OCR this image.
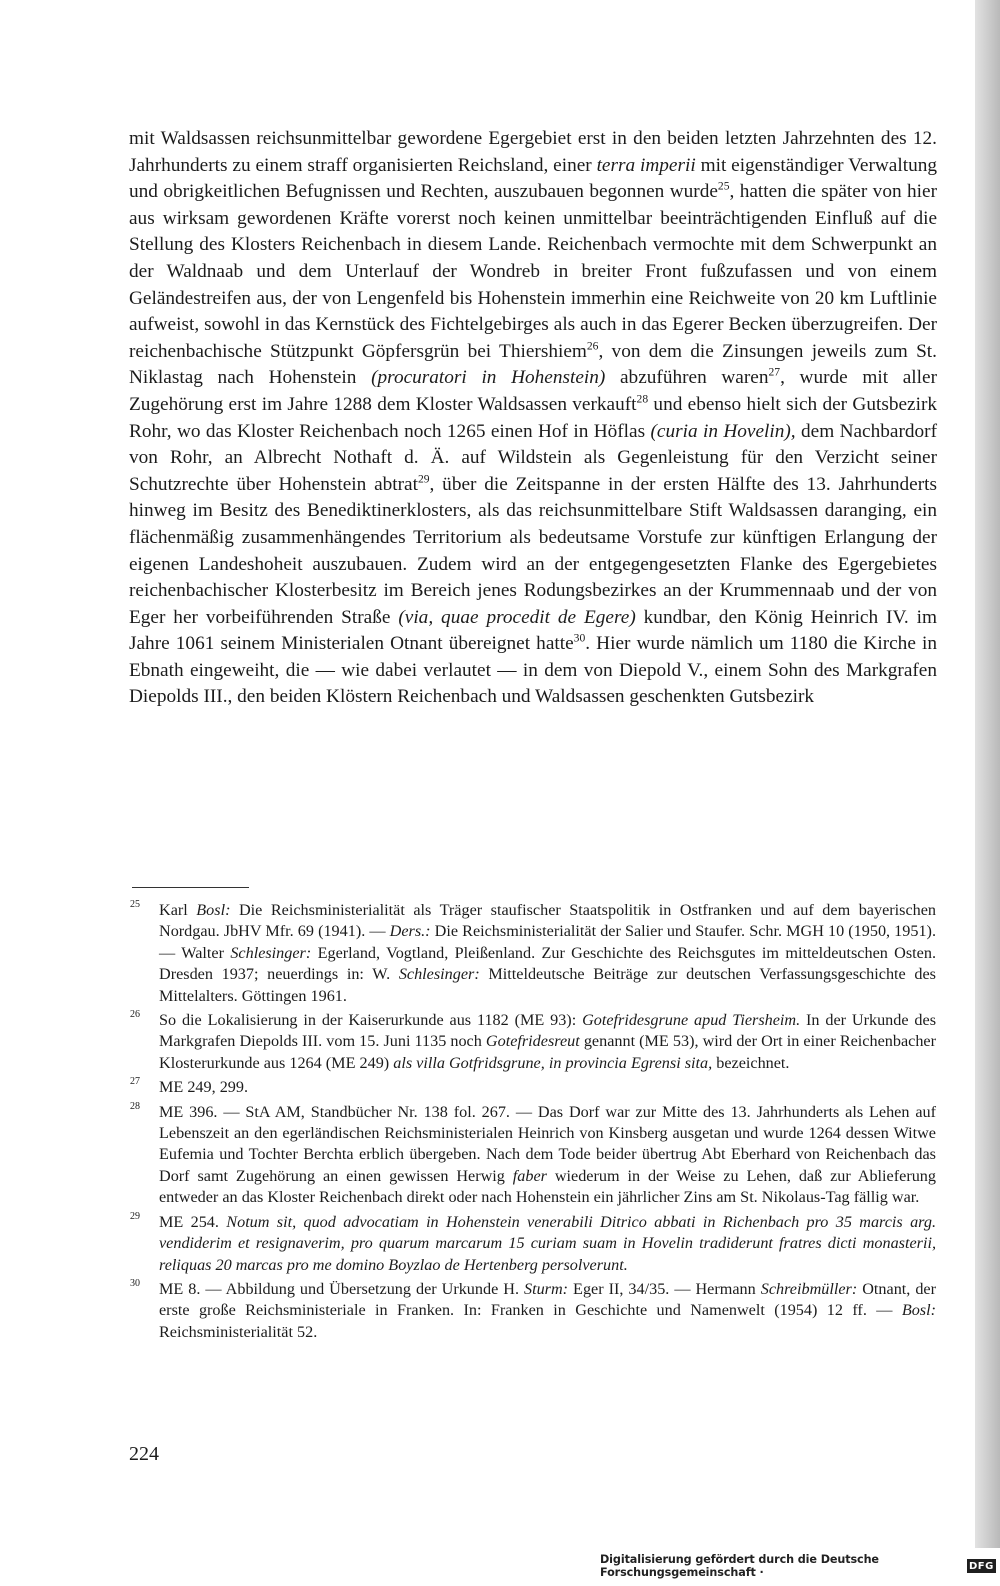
mit Waldsassen reichsunmittelbar gewordene Egergebiet erst in den beiden letzten Jahrzehnten des 12. Jahrhunderts zu einem straff organisierten Reichsland, einer terra imperii mit eigenständiger Verwaltung und obrigkeitlichen Befugnissen und Rechten, auszubauen begonnen wurde$^{25}$, hatten die später von hier aus wirksam gewordenen Kräfte vorerst noch keinen unmittelbar beeinträchtigenden Einfluß auf die Stellung des Klosters Reichenbach in diesem Lande. Reichenbach vermochte mit dem Schwerpunkt an der Waldnaab und dem Unterlauf der Wondreb in breiter Front fußzufassen und von einem Geländestreifen aus, der von Lengenfeld bis Hohenstein immerhin eine Reichweite von 20 km Luftlinie aufweist, sowohl in das Kernstück des Fichtelgebirges als auch in das Egerer Becken überzugreifen. Der reichenbachische Stützpunkt Göpfersgrün bei Thiershiem$^{26}$, von dem die Zinsungen jeweils zum St. Niklastag nach Hohenstein (procuratori in Hohenstein) abzuführen waren$^{27}$, wurde mit aller Zugehörung erst im Jahre 1288 dem Kloster Waldsassen verkauft$^{28}$ und ebenso hielt sich der Gutsbezirk Rohr, wo das Kloster Reichenbach noch 1265 einen Hof in Höflas (curia in Hovelin), dem Nachbardorf von Rohr, an Albrecht Nothaft d. Ä. auf Wildstein als Gegenleistung für den Verzicht seiner Schutzrechte über Hohenstein abtrat$^{29}$, über die Zeitspanne in der ersten Hälfte des 13. Jahrhunderts hinweg im Besitz des Benediktinerklosters, als das reichsunmittelbare Stift Waldsassen daranging, ein flächenmäßig zusammenhängendes Territorium als bedeutsame Vorstufe zur künftigen Erlangung der eigenen Landeshoheit auszubauen. Zudem wird an der entgegengesetzten Flanke des Egergebietes reichenbachischer Klosterbesitz im Bereich jenes Rodungsbezirkes an der Krummennaab und der von Eger her vorbeiführenden Straße (via, quae procedit de Egere) kundbar, den König Heinrich IV. im Jahre 1061 seinem Ministerialen Otnant übereignet hatte$^{30}$. Hier wurde nämlich um 1180 die Kirche in Ebnath eingeweiht, die — wie dabei verlautet — in dem von Diepold V., einem Sohn des Markgrafen Diepolds III., den beiden Klöstern Reichenbach und Waldsassen geschenkten Gutsbezirk

25 Karl Bosl: Die Reichsministerialität als Träger staufischer Staatspolitik in Ostfranken und auf dem bayerischen Nordgau. JbHV Mfr. 69 (1941). — Ders.: Die Reichsministerialität der Salier und Staufer. Schr. MGH 10 (1950, 1951). — Walter Schlesinger: Egerland, Vogtland, Pleißenland. Zur Geschichte des Reichsgutes im mitteldeutschen Osten. Dresden 1937; neuerdings in: W. Schlesinger: Mitteldeutsche Beiträge zur deutschen Verfassungsgeschichte des Mittelalters. Göttingen 1961.
26 So die Lokalisierung in der Kaiserurkunde aus 1182 (ME 93): Gotefridesgrune apud Tiersheim. In der Urkunde des Markgrafen Diepolds III. vom 15. Juni 1135 noch Gotefridesreut genannt (ME 53), wird der Ort in einer Reichenbacher Klosterurkunde aus 1264 (ME 249) als villa Gotfridsgrune, in provincia Egrensi sita, bezeichnet.
27 ME 249, 299.
28 ME 396. — StA AM, Standbücher Nr. 138 fol. 267. — Das Dorf war zur Mitte des 13. Jahrhunderts als Lehen auf Lebenszeit an den egerländischen Reichsministerialen Heinrich von Kinsberg ausgetan und wurde 1264 dessen Witwe Eufemia und Tochter Berchta erblich übergeben. Nach dem Tode beider übertrug Abt Eberhard von Reichenbach das Dorf samt Zugehörung an einen gewissen Herwig faber wiederum in der Weise zu Lehen, daß zur Ablieferung entweder an das Kloster Reichenbach direkt oder nach Hohenstein ein jährlicher Zins am St. Nikolaus-Tag fällig war.
29 ME 254. Notum sit, quod advocatiam in Hohenstein venerabili Ditrico abbati in Richenbach pro 35 marcis arg. vendiderim et resignaverim, pro quarum marcarum 15 curiam suam in Hovelin tradiderunt fratres dicti monasterii, reliquas 20 marcas pro me domino Boyzlao de Hertenberg persolverunt.
30 ME 8. — Abbildung und Übersetzung der Urkunde H. Sturm: Eger II, 34/35. — Hermann Schreibmüller: Otnant, der erste große Reichsministeriale in Franken. In: Franken in Geschichte und Namenwelt (1954) 12 ff. — Bosl: Reichsministerialität 52.
224
Digitalisierung gefördert durch die Deutsche Forschungsgemeinschaft ·	DFG
